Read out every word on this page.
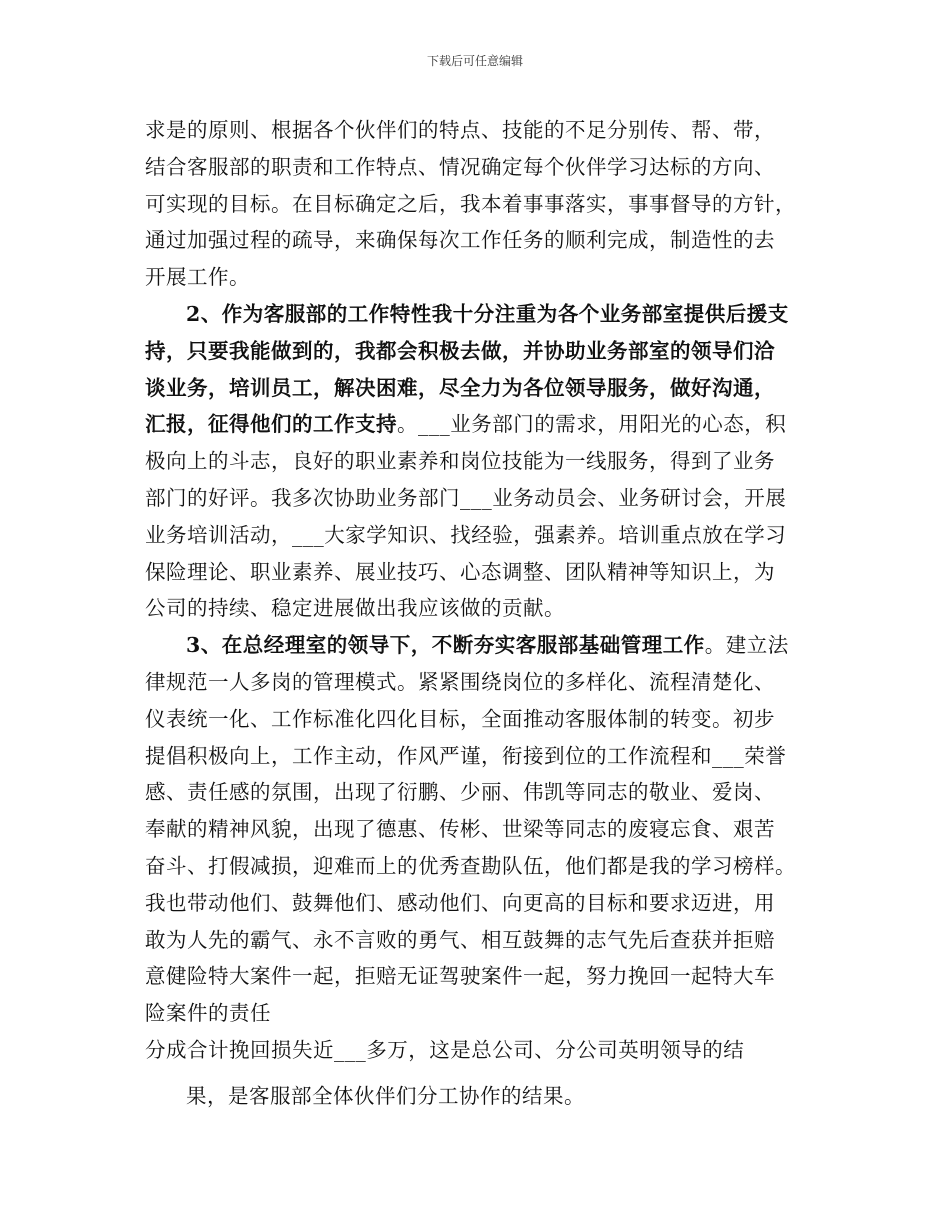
下载后可任意编辑
求是的原则、根据各个伙伴们的特点、技能的不足分别传、帮、带，
结合客服部的职责和工作特点、情况确定每个伙伴学习达标的方向、
可实现的目标。在目标确定之后，我本着事事落实，事事督导的方针，
通过加强过程的疏导，来确保每次工作任务的顺利完成，制造性的去
开展工作。
2、作为客服部的工作特性我十分注重为各个业务部室提供后援支
持，只要我能做到的，我都会积极去做，并协助业务部室的领导们洽
谈业务，培训员工，解决困难，尽全力为各位领导服务，做好沟通，
汇报，征得他们的工作支持。___业务部门的需求，用阳光的心态，积
极向上的斗志，良好的职业素养和岗位技能为一线服务，得到了业务
部门的好评。我多次协助业务部门___业务动员会、业务研讨会，开展
业务培训活动，___大家学知识、找经验，强素养。培训重点放在学习
保险理论、职业素养、展业技巧、心态调整、团队精神等知识上，为
公司的持续、稳定进展做出我应该做的贡献。
3、在总经理室的领导下，不断夯实客服部基础管理工作。建立法
律规范一人多岗的管理模式。紧紧围绕岗位的多样化、流程清楚化、
仪表统一化、工作标准化四化目标，全面推动客服体制的转变。初步
提倡积极向上，工作主动，作风严谨，衔接到位的工作流程和___荣誉
感、责任感的氛围，出现了衍鹏、少丽、伟凯等同志的敬业、爱岗、
奉献的精神风貌，出现了德惠、传彬、世梁等同志的废寝忘食、艰苦
奋斗、打假减损，迎难而上的优秀查勘队伍，他们都是我的学习榜样。
我也带动他们、鼓舞他们、感动他们、向更高的目标和要求迈进，用
敢为人先的霸气、永不言败的勇气、相互鼓舞的志气先后查获并拒赔
意健险特大案件一起，拒赔无证驾驶案件一起，努力挽回一起特大车
险案件的责任
分成合计挽回损失近___多万，这是总公司、分公司英明领导的结
果，是客服部全体伙伴们分工协作的结果。
